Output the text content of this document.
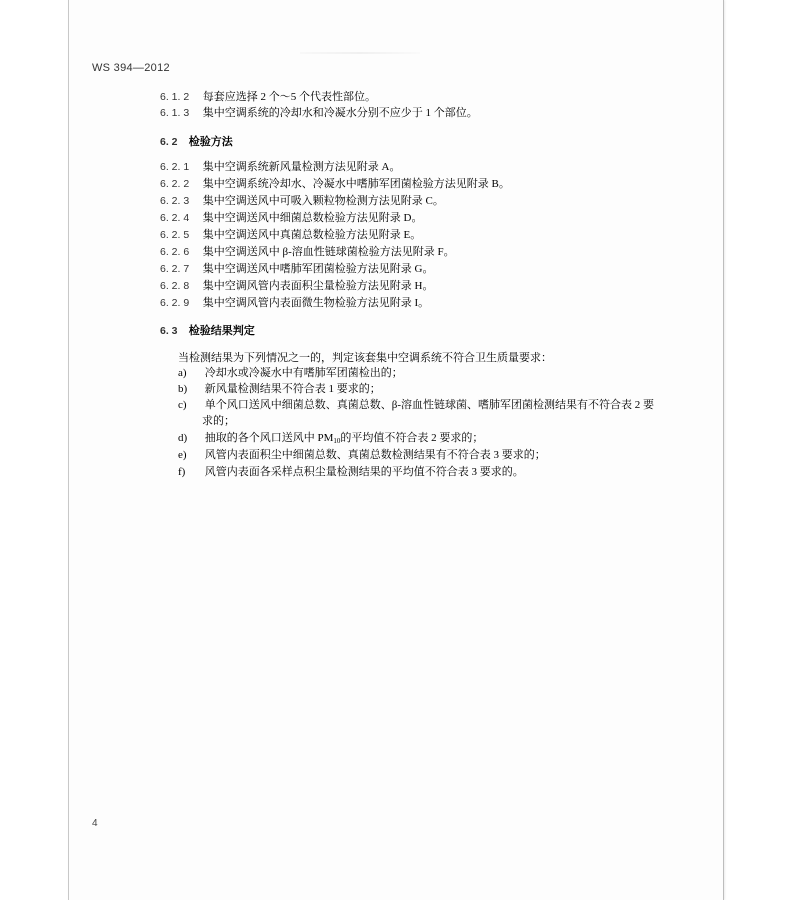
WS 394—2012
6. 1. 2 每套应选择 2 个～5 个代表性部位。
6. 1. 3 集中空调系统的冷却水和冷凝水分别不应少于 1 个部位。
6. 2 检验方法
6. 2. 1 集中空调系统新风量检测方法见附录 A。
6. 2. 2 集中空调系统冷却水、冷凝水中嗜肺军团菌检验方法见附录 B。
6. 2. 3 集中空调送风中可吸入颗粒物检测方法见附录 C。
6. 2. 4 集中空调送风中细菌总数检验方法见附录 D。
6. 2. 5 集中空调送风中真菌总数检验方法见附录 E。
6. 2. 6 集中空调送风中 β-溶血性链球菌检验方法见附录 F。
6. 2. 7 集中空调送风中嗜肺军团菌检验方法见附录 G。
6. 2. 8 集中空调风管内表面积尘量检验方法见附录 H。
6. 2. 9 集中空调风管内表面微生物检验方法见附录 I。
6. 3 检验结果判定
当检测结果为下列情况之一的，判定该套集中空调系统不符合卫生质量要求：
a) 冷却水或冷凝水中有嗜肺军团菌检出的；
b) 新风量检测结果不符合表 1 要求的；
c) 单个风口送风中细菌总数、真菌总数、β-溶血性链球菌、嗜肺军团菌检测结果有不符合表 2 要
求的；
d) 抽取的各个风口送风中 $PM_{10}$的平均值不符合表 2 要求的；
e) 风管内表面积尘中细菌总数、真菌总数检测结果有不符合表 3 要求的；
f) 风管内表面各采样点积尘量检测结果的平均值不符合表 3 要求的。
4
